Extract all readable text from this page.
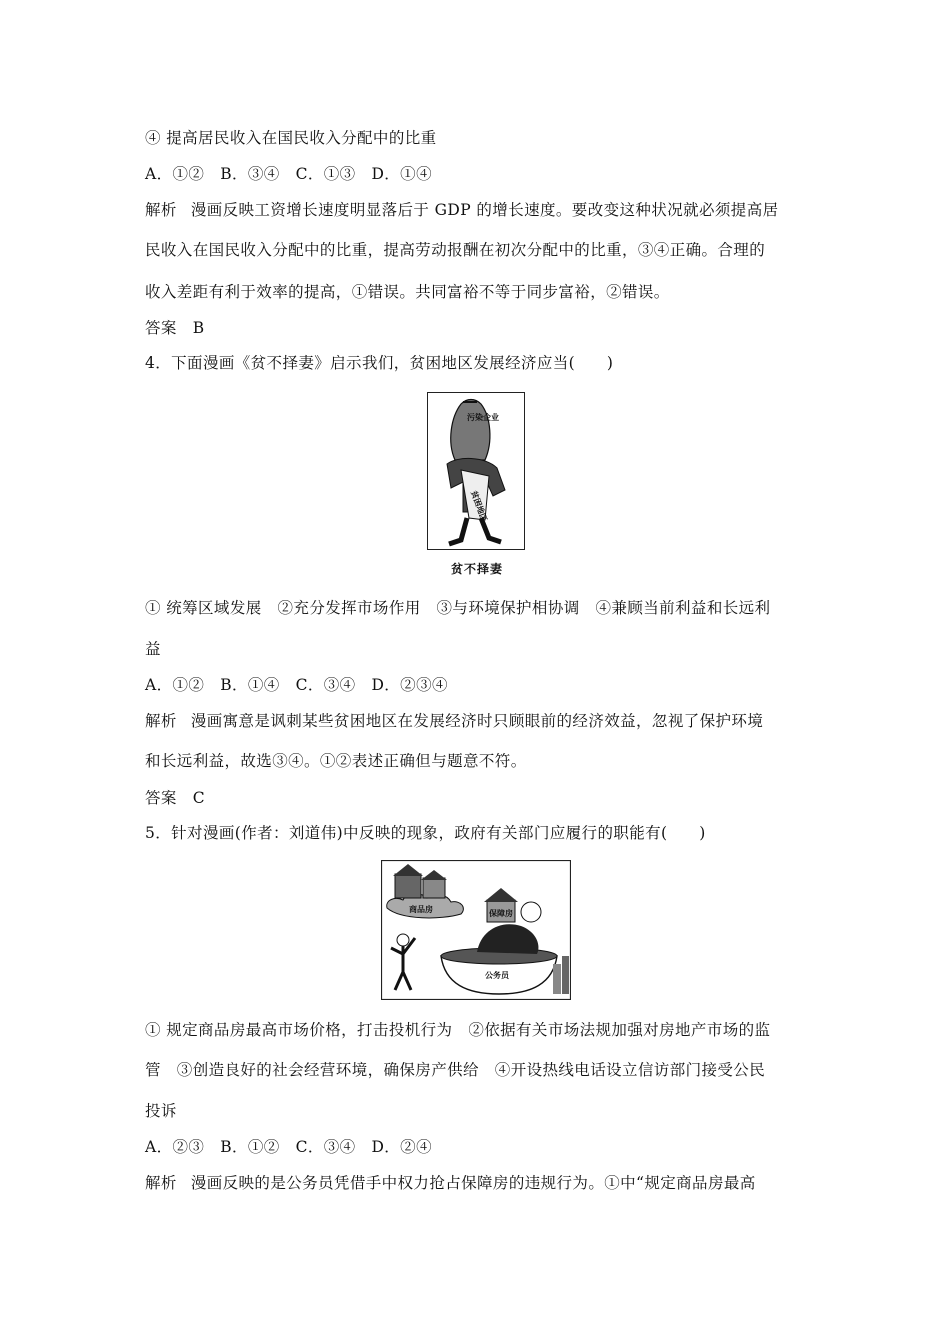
④ 提高居民收入在国民收入分配中的比重
A．①②　B．③④　C．①③　D．①④
解析 漫画反映工资增长速度明显落后于 GDP 的增长速度。要改变这种状况就必须提高居
民收入在国民收入分配中的比重，提高劳动报酬在初次分配中的比重，③④正确。合理的
收入差距有利于效率的提高，①错误。共同富裕不等于同步富裕，②错误。
答案　B
4．下面漫画《贫不择妻》启示我们，贫困地区发展经济应当(　　)
污染企业
贫困地区
贫不择妻
① 统筹区域发展　②充分发挥市场作用　③与环境保护相协调　④兼顾当前利益和长远利
益
A．①②　B．①④　C．③④　D．②③④
解析 漫画寓意是讽刺某些贫困地区在发展经济时只顾眼前的经济效益，忽视了保护环境
和长远利益，故选③④。①②表述正确但与题意不符。
答案　C
5．针对漫画(作者：刘道伟)中反映的现象，政府有关部门应履行的职能有(　　)
商品房
公务员
保障房
① 规定商品房最高市场价格，打击投机行为　②依据有关市场法规加强对房地产市场的监
管　③创造良好的社会经营环境，确保房产供给　④开设热线电话设立信访部门接受公民
投诉
A．②③　B．①②　C．③④　D．②④
解析 漫画反映的是公务员凭借手中权力抢占保障房的违规行为。①中“规定商品房最高
